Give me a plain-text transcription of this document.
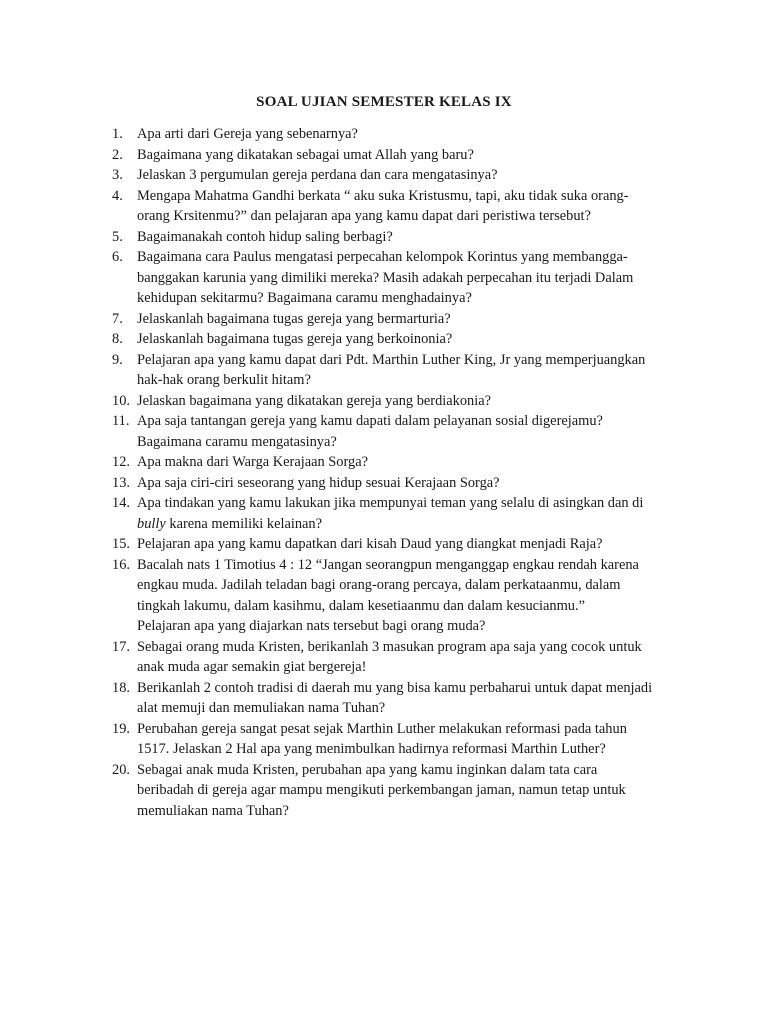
SOAL UJIAN SEMESTER KELAS IX
1. Apa arti dari Gereja yang sebenarnya?
2. Bagaimana yang dikatakan sebagai umat Allah yang baru?
3. Jelaskan 3 pergumulan gereja perdana dan cara mengatasinya?
4. Mengapa Mahatma Gandhi berkata “ aku suka Kristusmu, tapi, aku tidak suka orang-
orang Krsitenmu?” dan pelajaran apa yang kamu dapat dari peristiwa tersebut?
5. Bagaimanakah contoh hidup saling berbagi?
6. Bagaimana cara Paulus mengatasi perpecahan kelompok Korintus yang membangga-
banggakan karunia yang dimiliki mereka? Masih adakah perpecahan itu terjadi Dalam
kehidupan sekitarmu? Bagaimana caramu menghadainya?
7. Jelaskanlah bagaimana tugas gereja yang bermarturia?
8. Jelaskanlah bagaimana tugas gereja yang berkoinonia?
9. Pelajaran apa yang kamu dapat dari Pdt. Marthin Luther King, Jr yang memperjuangkan
hak-hak orang berkulit hitam?
10. Jelaskan bagaimana yang dikatakan gereja yang berdiakonia?
11. Apa saja tantangan gereja yang kamu dapati dalam pelayanan sosial digerejamu?
Bagaimana caramu mengatasinya?
12. Apa makna dari Warga Kerajaan Sorga?
13. Apa saja ciri-ciri seseorang yang hidup sesuai Kerajaan Sorga?
14. Apa tindakan yang kamu lakukan jika mempunyai teman yang selalu di asingkan dan di
bully karena memiliki kelainan?
15. Pelajaran apa yang kamu dapatkan dari kisah Daud yang diangkat menjadi Raja?
16. Bacalah nats 1 Timotius 4 : 12 “Jangan seorangpun menganggap engkau rendah karena
engkau muda. Jadilah teladan bagi orang-orang percaya, dalam perkataanmu, dalam
tingkah lakumu, dalam kasihmu, dalam kesetiaanmu dan dalam kesucianmu.”
Pelajaran apa yang diajarkan nats tersebut bagi orang muda?
17. Sebagai orang muda Kristen, berikanlah 3 masukan program apa saja yang cocok untuk
anak muda agar semakin giat bergereja!
18. Berikanlah 2 contoh tradisi di daerah mu yang bisa kamu perbaharui untuk dapat menjadi
alat memuji dan memuliakan nama Tuhan?
19. Perubahan gereja sangat pesat sejak Marthin Luther melakukan reformasi pada tahun
1517. Jelaskan 2 Hal apa yang menimbulkan hadirnya reformasi Marthin Luther?
20. Sebagai anak muda Kristen, perubahan apa yang kamu inginkan dalam tata cara
beribadah di gereja agar mampu mengikuti perkembangan jaman, namun tetap untuk
memuliakan nama Tuhan?
